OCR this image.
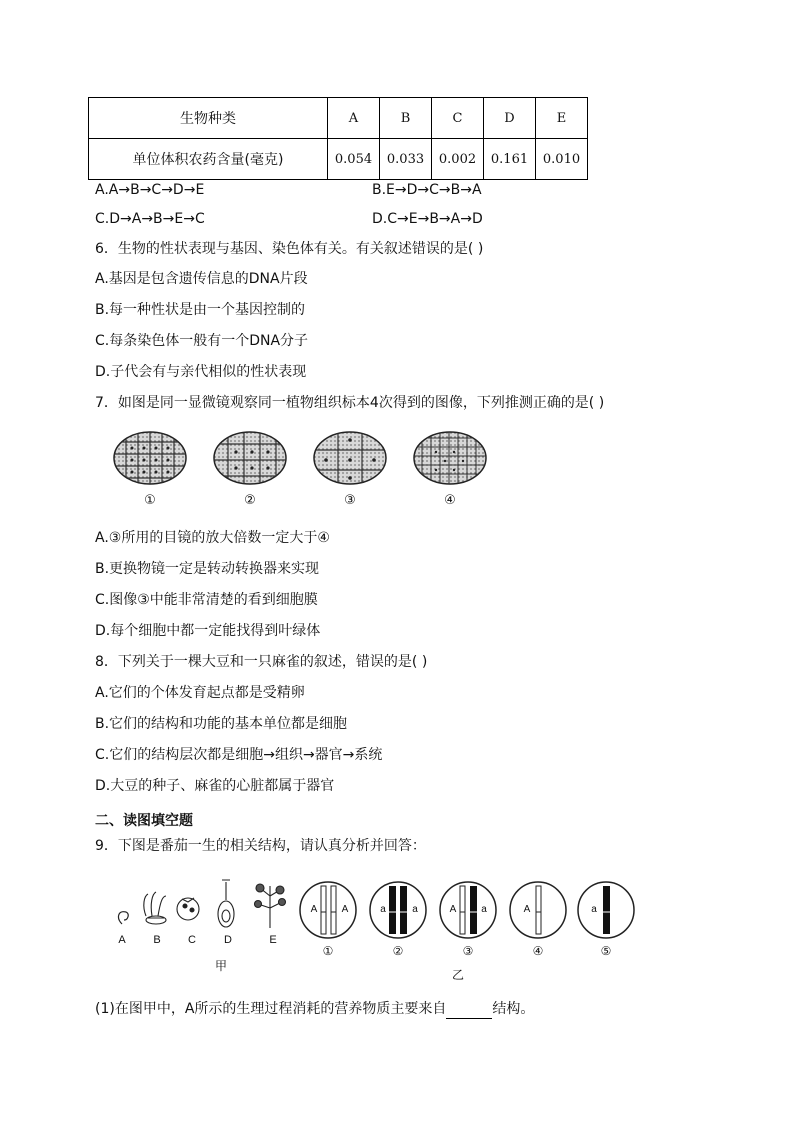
生物种类	A	B	C	D	E
单位体积农药含量(毫克)	0.054	0.033	0.002	0.161	0.010
A.A→B→C→D→E	B.E→D→C→B→A
C.D→A→B→E→C	D.C→E→B→A→D
6．生物的性状表现与基因、染色体有关。有关叙述错误的是( )
A.基因是包含遗传信息的DNA片段
B.每一种性状是由一个基因控制的
C.每条染色体一般有一个DNA分子
D.子代会有与亲代相似的性状表现
7．如图是同一显微镜观察同一植物组织标本4次得到的图像，下列推测正确的是( )
①	②	③	④
A.③所用的目镜的放大倍数一定大于④
B.更换物镜一定是转动转换器来实现
C.图像③中能非常清楚的看到细胞膜
D.每个细胞中都一定能找得到叶绿体
8．下列关于一棵大豆和一只麻雀的叙述，错误的是( )
A.它们的个体发育起点都是受精卵
B.它们的结构和功能的基本单位都是细胞
C.它们的结构层次都是细胞→组织→器官→系统
D.大豆的种子、麻雀的心脏都属于器官
二、读图填空题
9．下图是番茄一生的相关结构，请认真分析并回答：
A	B	C	D	E
甲
A	A	a	a	A	a	A	a
①	②	③	④	⑤
乙
(1)在图甲中，A所示的生理过程消耗的营养物质主要来自	结构。
